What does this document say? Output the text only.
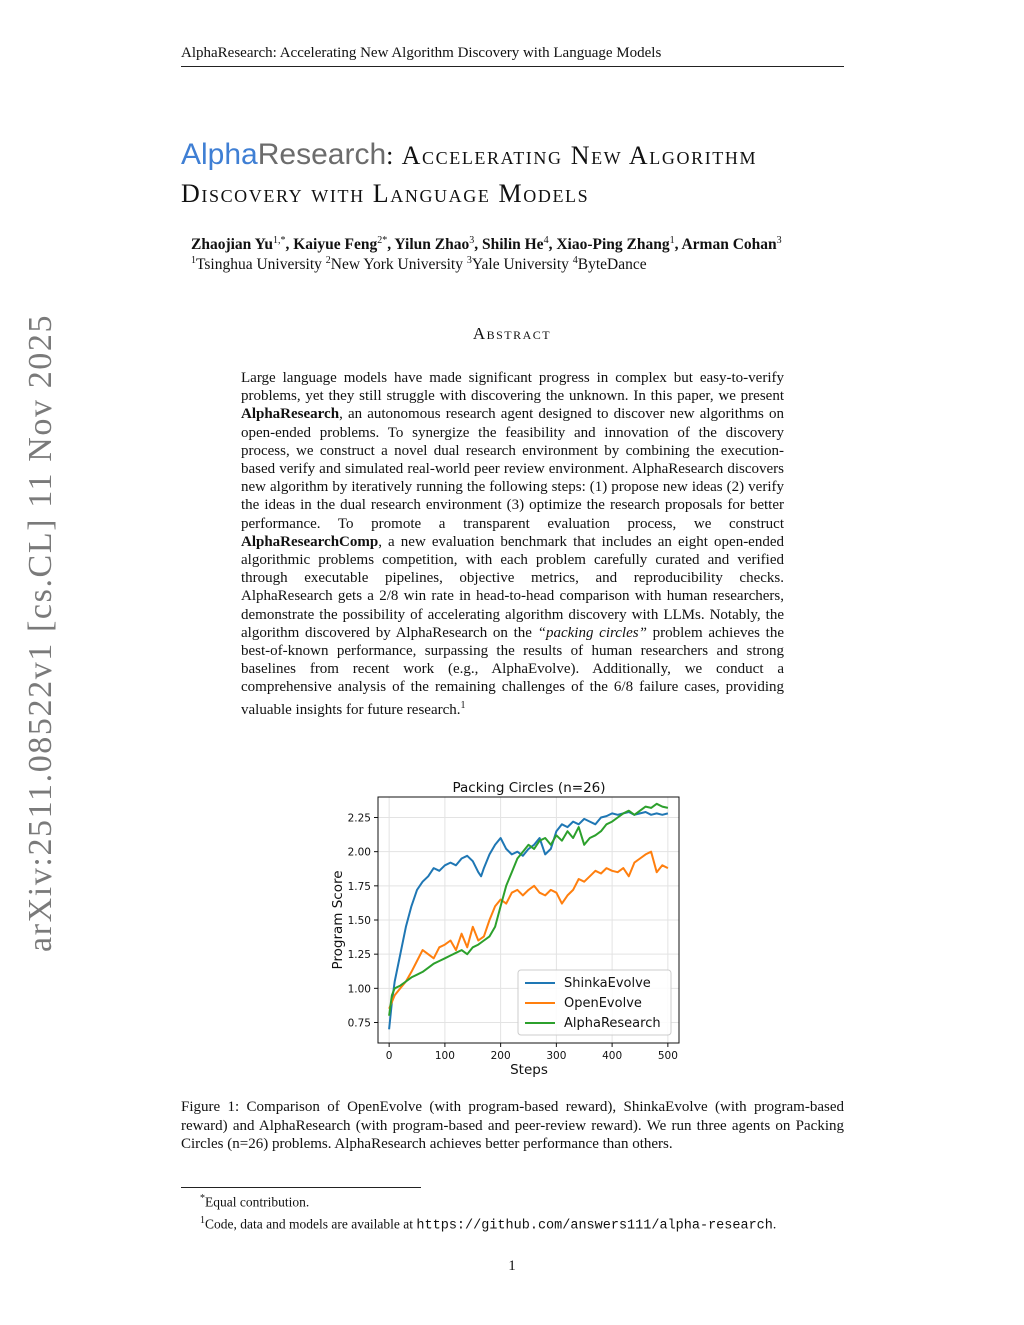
AlphaResearch: Accelerating New Algorithm Discovery with Language Models
arXiv:2511.08522v1 [cs.CL] 11 Nov 2025
AlphaResearch: Accelerating New Algorithm
Discovery with Language Models
Zhaojian $Yu^{1,*}$, Kaiyue Feng$^{2*}$, Yilun Zhao$^3$, Shilin He$^4$, Xiao-Ping Zhang$^1$, Arman Cohan$^3$
$^1$Tsinghua University $^2$New York University $^3$Yale University $^4$ByteDance
Abstract
Large language models have made significant progress in complex but easy-to-verify problems, yet they still struggle with discovering the unknown. In this paper, we present AlphaResearch, an autonomous research agent designed to discover new algorithms on open-ended problems. To synergize the feasibility and innovation of the discovery process, we construct a novel dual research environment by combining the execution-based verify and simulated real-world peer review environment. AlphaResearch discovers new algorithm by iteratively running the following steps: (1) propose new ideas (2) verify the ideas in the dual research environment (3) optimize the research proposals for better performance. To promote a transparent evaluation process, we construct AlphaResearchComp, a new evaluation benchmark that includes an eight open-ended algorithmic problems competition, with each problem carefully curated and verified through executable pipelines, objective metrics, and reproducibility checks. AlphaResearch gets a 2/8 win rate in head-to-head comparison with human researchers, demonstrate the possibility of accelerating algorithm discovery with LLMs. Notably, the algorithm discovered by AlphaResearch on the “packing circles” problem achieves the best-of-known performance, surpassing the results of human researchers and strong baselines from recent work (e.g., AlphaEvolve). Additionally, we conduct a comprehensive analysis of the remaining challenges of the 6/8 failure cases, providing valuable insights for future research.$^1$
Packing Circles (n=26)
0	100	200	300	400	500
0.75
1.00
1.25
1.50
1.75
2.00
2.25
Steps
Program Score
ShinkaEvolve
OpenEvolve
AlphaResearch
Figure 1: Comparison of OpenEvolve (with program-based reward), ShinkaEvolve (with program-based reward) and AlphaResearch (with program-based and peer-review reward). We run three agents on Packing Circles (n=26) problems. AlphaResearch achieves better performance than others.
*Equal contribution.
$^1$Code, data and models are available at https://github.com/answers111/alpha-research.
1
